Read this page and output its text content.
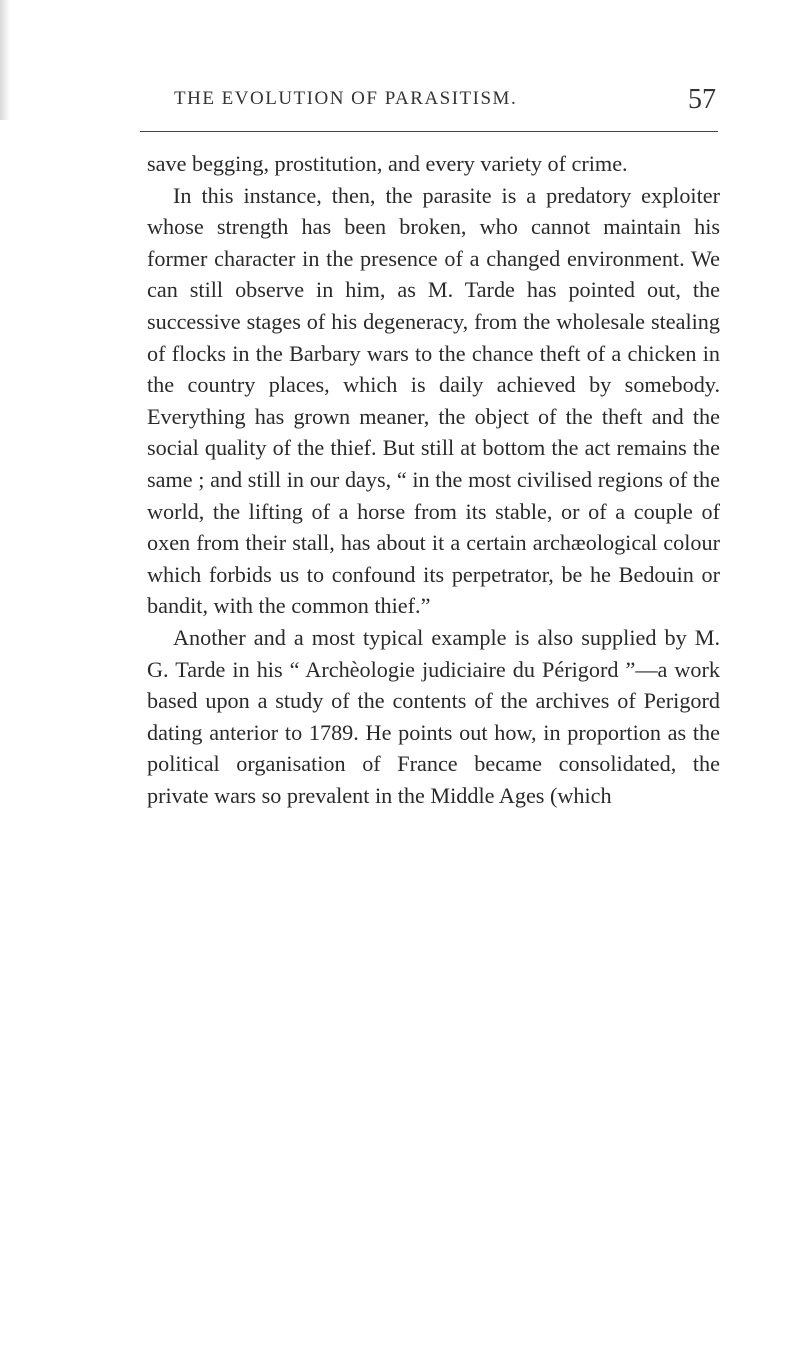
THE EVOLUTION OF PARASITISM.	57

save begging, prostitution, and every variety of crime.

In this instance, then, the parasite is a predatory exploiter whose strength has been broken, who cannot maintain his former character in the presence of a changed environment. We can still observe in him, as M. Tarde has pointed out, the successive stages of his degeneracy, from the wholesale stealing of flocks in the Barbary wars to the chance theft of a chicken in the country places, which is daily achieved by somebody. Everything has grown meaner, the object of the theft and the social quality of the thief. But still at bottom the act remains the same ; and still in our days, “ in the most civilised regions of the world, the lifting of a horse from its stable, or of a couple of oxen from their stall, has about it a certain archæological colour which forbids us to confound its perpetrator, be he Bedouin or bandit, with the common thief.”

Another and a most typical example is also supplied by M. G. Tarde in his “ Archèologie judiciaire du Périgord ”—a work based upon a study of the contents of the archives of Perigord dating anterior to 1789. He points out how, in proportion as the political organisation of France became consolidated, the private wars so prevalent in the Middle Ages (which
